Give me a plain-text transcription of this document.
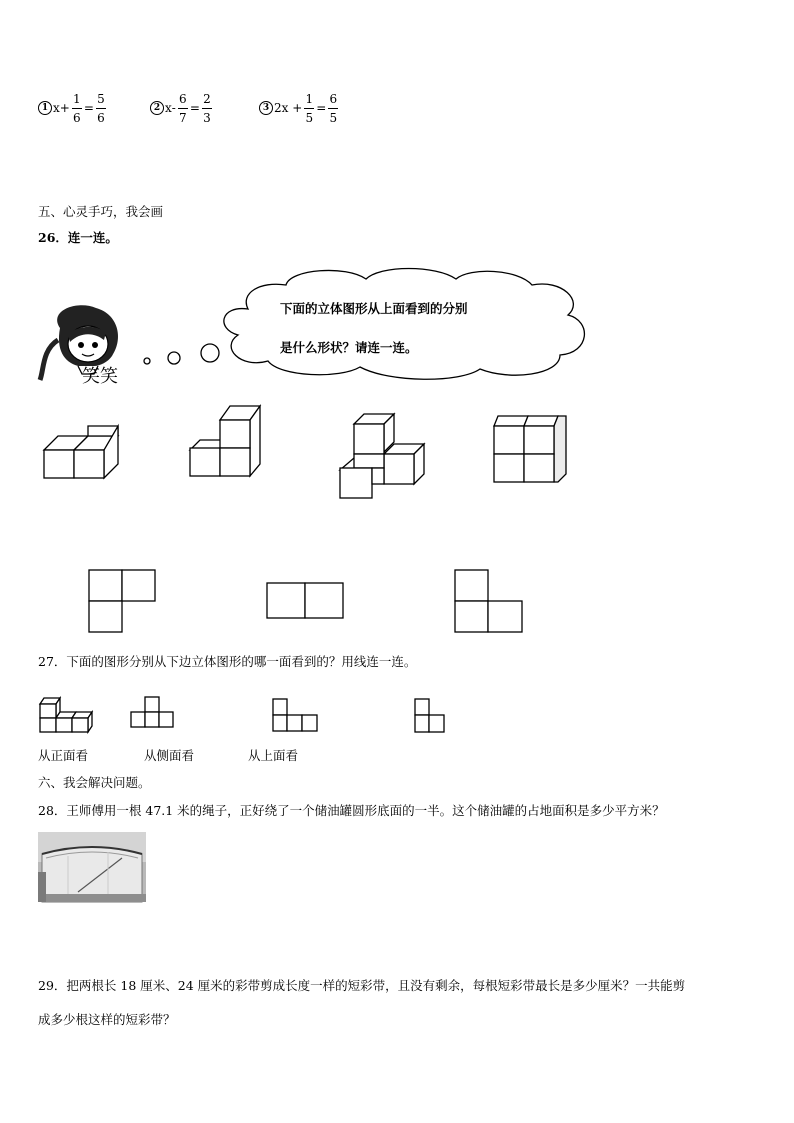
1 $x + \frac{1}{6} = \frac{5}{6}$	2 $x - \frac{6}{7} = \frac{2}{3}$	3 2x
+ $\frac{1}{5} = \frac{6}{5}$
五、心灵手巧，我会画
26．连一连。
笑笑
下面的立体图形从上面看到的分别
是什么形状？请连一连。
27．下面的图形分别从下边立体图形的哪一面看到的？用线连一连。
从正面看	从侧面看	从上面看
六、我会解决问题。
28．王师傅用一根 47.1 米的绳子，正好绕了一个储油罐圆形底面的一半。这个储油罐的占地面积是多少平方米？
29．把两根长 18 厘米、24 厘米的彩带剪成长度一样的短彩带，且没有剩余，每根短彩带最长是多少厘米？一共能剪
成多少根这样的短彩带？
